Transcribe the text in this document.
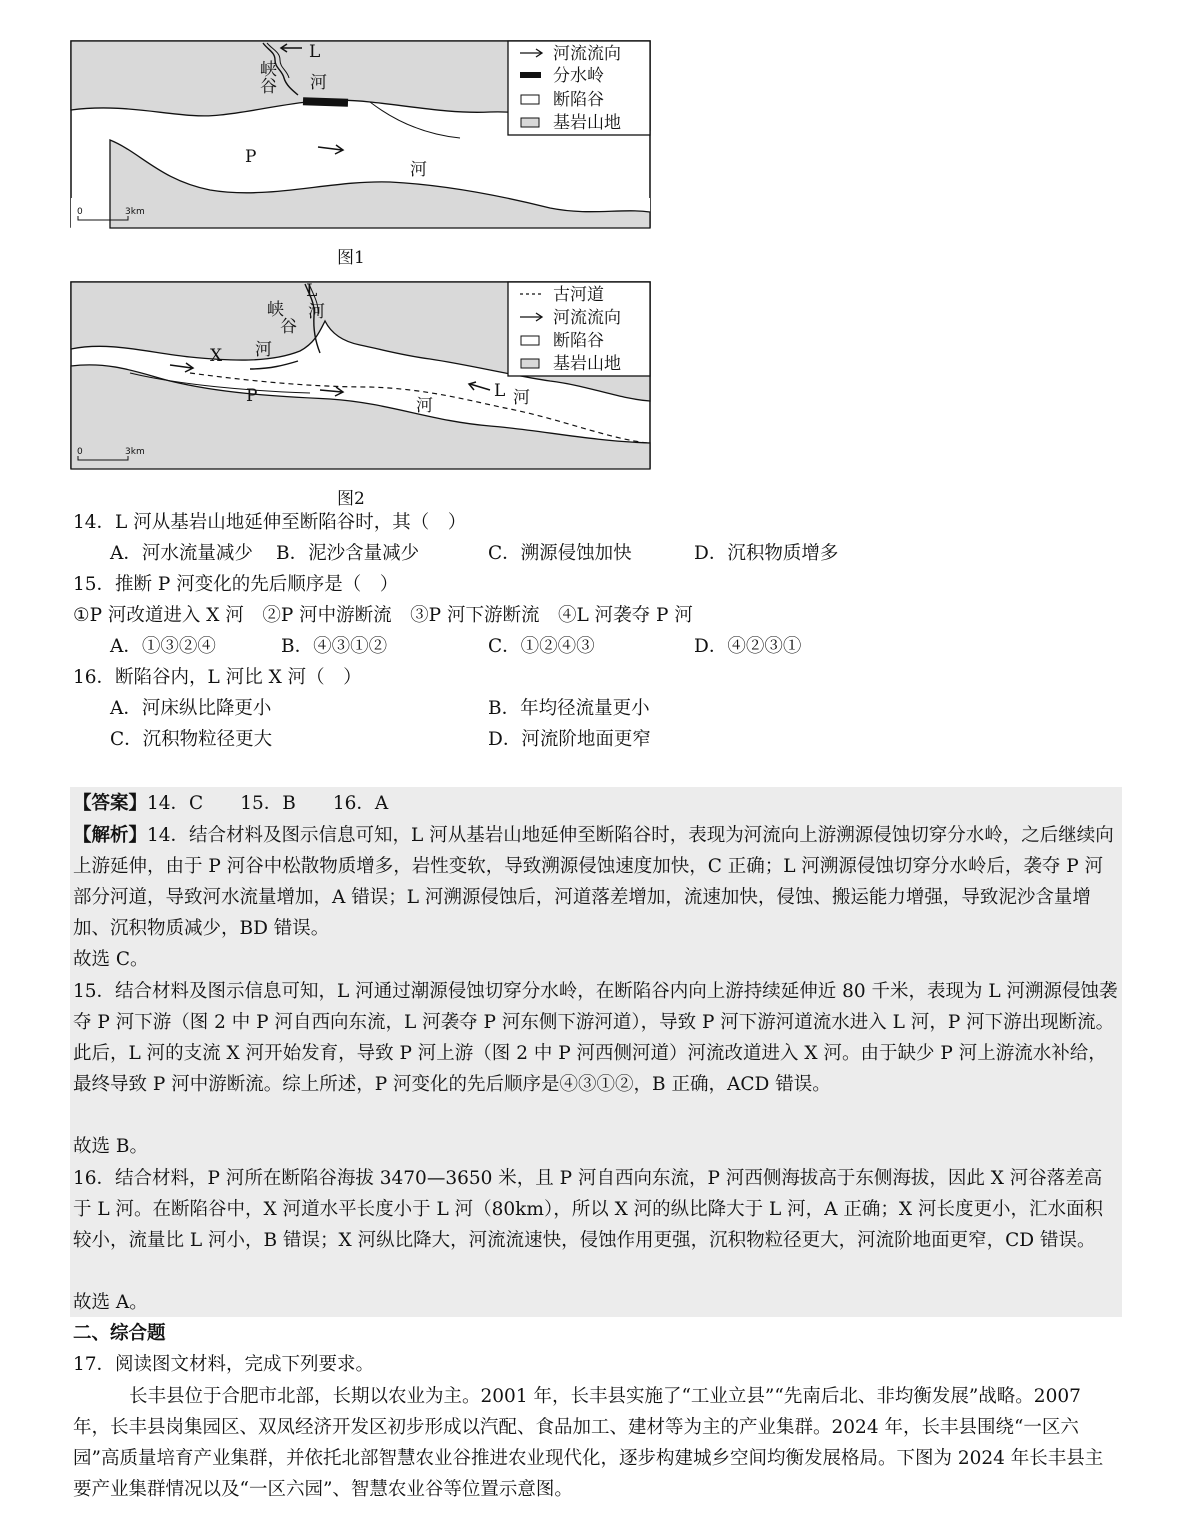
L
峡
谷 河
P
河
0	3km
河流流向
分水岭
断陷谷
基岩山地
图1
L
峡
谷
河
X 河
P	河
L 河
0	3km
古河道
河流流向
断陷谷
基岩山地
图2
14．L 河从基岩山地延伸至断陷谷时，其（　）
A．河水流量减少 B．泥沙含量减少	C．溯源侵蚀加快	D．沉积物质增多
15．推断 P 河变化的先后顺序是（　）
①P 河改道进入 X 河　②P 河中游断流　③P 河下游断流　④L 河袭夺 P 河
A．①③②④	B．④③①②	C．①②④③	D．④②③①
16．断陷谷内，L 河比 X 河（　）
A．河床纵比降更小	B．年均径流量更小
C．沉积物粒径更大	D．河流阶地面更窄
【答案】14．C　　15．B　　16．A
【解析】14．结合材料及图示信息可知，L 河从基岩山地延伸至断陷谷时，表现为河流向上游溯源侵蚀切穿分水岭，之后继续向上游延伸，由于 P 河谷中松散物质增多，岩性变软，导致溯源侵蚀速度加快，C 正确；L 河溯源侵蚀切穿分水岭后，袭夺 P 河部分河道，导致河水流量增加，A 错误；L 河溯源侵蚀后，河道落差增加，流速加快，侵蚀、搬运能力增强，导致泥沙含量增加、沉积物质减少，BD 错误。
故选 C。
15．结合材料及图示信息可知，L 河通过潮源侵蚀切穿分水岭，在断陷谷内向上游持续延伸近 80 千米，表现为 L 河溯源侵蚀袭夺 P 河下游（图 2 中 P 河自西向东流，L 河袭夺 P 河东侧下游河道），导致 P 河下游河道流水进入 L 河，P 河下游出现断流。此后，L 河的支流 X 河开始发育，导致 P 河上游（图 2 中 P 河西侧河道）河流改道进入 X 河。由于缺少 P 河上游流水补给，最终导致 P 河中游断流。综上所述，P 河变化的先后顺序是④③①②，B 正确，ACD 错误。
故选 B。
16．结合材料，P 河所在断陷谷海拔 3470—3650 米，且 P 河自西向东流，P 河西侧海拔高于东侧海拔，因此 X 河谷落差高于 L 河。在断陷谷中，X 河道水平长度小于 L 河（80km），所以 X 河的纵比降大于 L 河，A 正确；X 河长度更小，汇水面积较小，流量比 L 河小，B 错误；X 河纵比降大，河流流速快，侵蚀作用更强，沉积物粒径更大，河流阶地面更窄，CD 错误。
故选 A。
二、综合题
17．阅读图文材料，完成下列要求。
长丰县位于合肥市北部，长期以农业为主。2001 年，长丰县实施了“工业立县”“先南后北、非均衡发展”战略。2007 年，长丰县岗集园区、双凤经济开发区初步形成以汽配、食品加工、建材等为主的产业集群。2024 年，长丰县围绕“一区六园”高质量培育产业集群，并依托北部智慧农业谷推进农业现代化，逐步构建城乡空间均衡发展格局。下图为 2024 年长丰县主要产业集群情况以及“一区六园”、智慧农业谷等位置示意图。
